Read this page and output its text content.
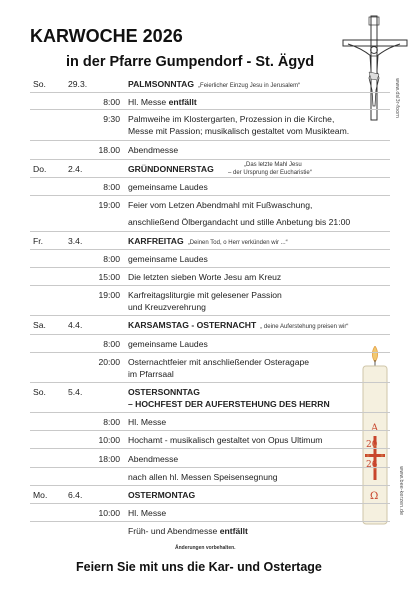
KARWOCHE 2026
in der Pfarre Gumpendorf - St. Ägyd
www.dsl3r-foom
A
20
26
Ω	www.bee-kerzen.de
So.	29.3.	PALMSONNTAG „Feierlicher Einzug Jesu in Jerusalem“
8:00 Hl. Messe entfällt
9:30 Palmweihe im Klostergarten, Prozession in die Kirche,
Messe mit Passion; musikalisch gestaltet vom Musikteam.
18.00 Abendmesse
Do.	2.4.	GRÜNDONNERSTAG	„Das letzte Mahl Jesu
– der Ursprung der Eucharistie“
8:00 gemeinsame Laudes
19:00 Feier vom Letzen Abendmahl mit Fußwaschung,
anschließend Ölbergandacht und stille Anbetung bis 21:00
Fr.	3.4.	KARFREITAG „Deinen Tod, o Herr verkünden wir ...“
8:00 gemeinsame Laudes
15:00 Die letzten sieben Worte Jesu am Kreuz
19:00 Karfreitagsliturgie mit gelesener Passion
und Kreuzverehrung
Sa.	4.4.	KARSAMSTAG - OSTERNACHT „ deine Auferstehung preisen wir“
8:00 gemeinsame Laudes
20:00 Osternachtfeier mit anschließender Osteragape
im Pfarrsaal
So.	5.4.	OSTERSONNTAG
– HOCHFEST DER AUFERSTEHUNG DES HERRN
8:00 Hl. Messe
10:00 Hochamt - musikalisch gestaltet von Opus Ultimum
18:00 Abendmesse
nach allen hl. Messen Speisensegnung
Mo. 6.4.	OSTERMONTAG
10:00 Hl. Messe
Früh- und Abendmesse entfällt
Änderungen vorbehalten.
Feiern Sie mit uns die Kar- und Ostertage
